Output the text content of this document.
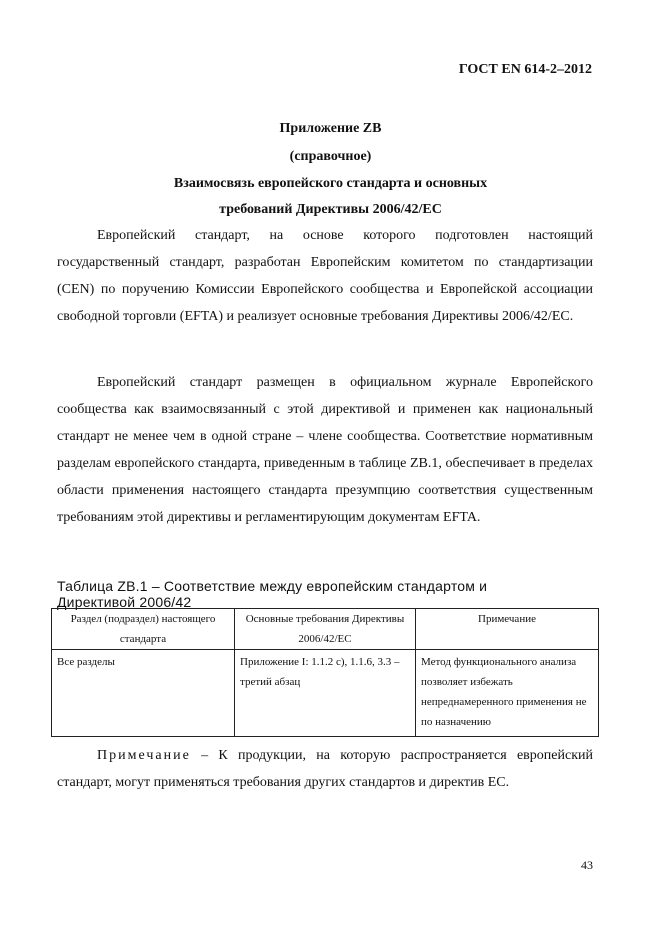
ГОСТ EN 614-2–2012
Приложение ZB
(справочное)
Взаимосвязь европейского стандарта и основных
требований Директивы 2006/42/ЕС

Европейский стандарт, на основе которого подготовлен настоящий государственный стандарт, разработан Европейским комитетом по стандартизации (CEN) по поручению Комиссии Европейского сообщества и Европейской ассоциации свободной торговли (EFTA) и реализует основные требования Директивы 2006/42/ЕС.

Европейский стандарт размещен в официальном журнале Европейского сообщества как взаимосвязанный с этой директивой и применен как национальный стандарт не менее чем в одной стране – члене сообщества. Соответствие нормативным разделам европейского стандарта, приведенным в таблице ZB.1, обеспечивает в пределах области применения настоящего стандарта презумпцию соответствия существенным требованиям этой директивы и регламентирующим документам EFTA.

Таблица ZB.1 – Соответствие между европейским стандартом и Директивой 2006/42
Раздел (подраздел) настоящего стандарта	Основные требования Директивы 2006/42/ЕС	Примечание
Все разделы	Приложение I: 1.1.2 c), 1.1.6, 3.3 – третий абзац	Метод функционального анализа позволяет избежать непреднамеренного применения не по назначению

Примечание – К продукции, на которую распространяется европейский стандарт, могут применяться требования других стандартов и директив ЕС.

43
